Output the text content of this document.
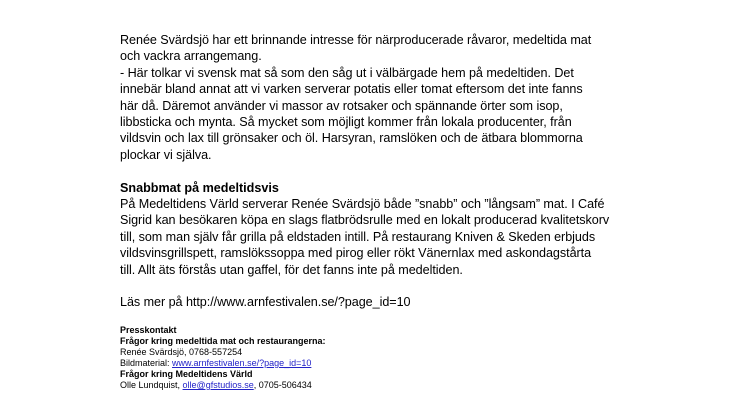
Renée Svärdsjö har ett brinnande intresse för närproducerade råvaror, medeltida mat

och vackra arrangemang.

- Här tolkar vi svensk mat så som den såg ut i välbärgade hem på medeltiden. Det

innebär bland annat att vi varken serverar potatis eller tomat eftersom det inte fanns

här då. Däremot använder vi massor av rotsaker och spännande örter som isop,

libbsticka och mynta. Så mycket som möjligt kommer från lokala producenter, från

vildsvin och lax till grönsaker och öl. Harsyran, ramslöken och de ätbara blommorna

plockar vi själva.

Snabbmat på medeltidsvis

På Medeltidens Värld serverar Renée Svärdsjö både ”snabb” och ”långsam” mat. I Café

Sigrid kan besökaren köpa en slags flatbrödsrulle med en lokalt producerad kvalitetskorv

till, som man själv får grilla på eldstaden intill. På restaurang Kniven & Skeden erbjuds

vildsvinsgrillspett, ramslökssoppa med pirog eller rökt Vänernlax med askondagstårta

till. Allt äts förstås utan gaffel, för det fanns inte på medeltiden.

Läs mer på http://www.arnfestivalen.se/?page_id=10

Presskontakt

Frågor kring medeltida mat och restaurangerna:

Renée Svärdsjö, 0768-557254

Bildmaterial: www.arnfestivalen.se/?page_id=10

Frågor kring Medeltidens Värld

Olle Lundquist, olle@gfstudios.se, 0705-506434
